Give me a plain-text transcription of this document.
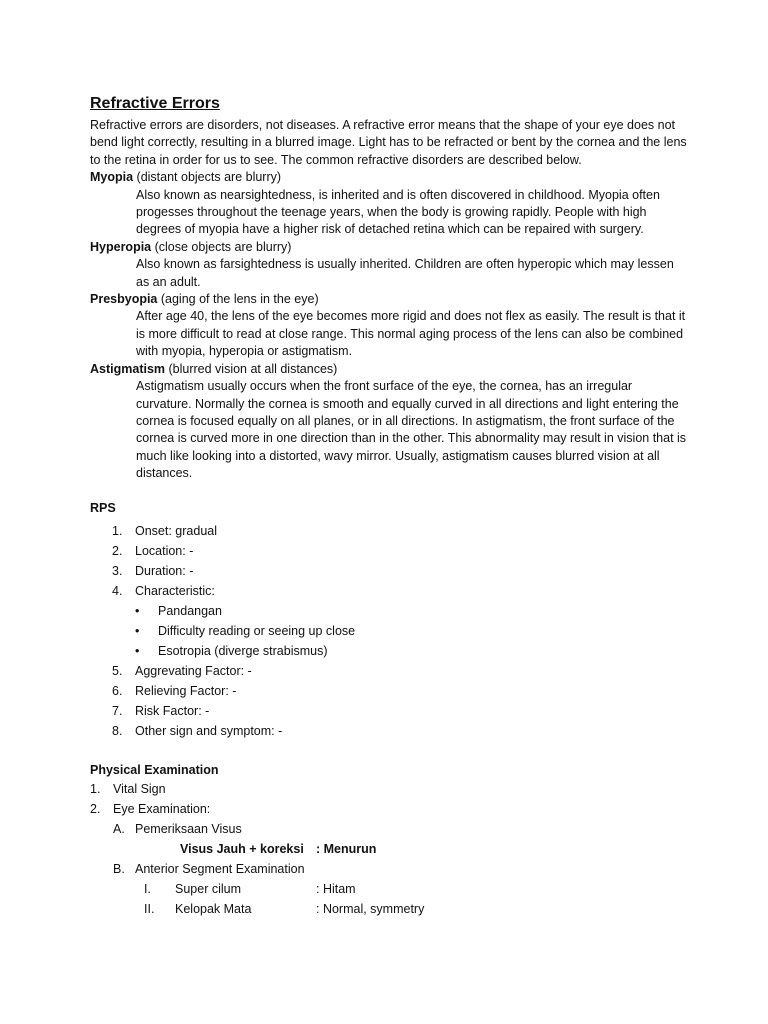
Refractive Errors

Refractive errors are disorders, not diseases. A refractive error means that the shape of your eye does not bend light correctly, resulting in a blurred image. Light has to be refracted or bent by the cornea and the lens to the retina in order for us to see. The common refractive disorders are described below.

Myopia (distant objects are blurry)

Also known as nearsightedness, is inherited and is often discovered in childhood. Myopia often progesses throughout the teenage years, when the body is growing rapidly. People with high degrees of myopia have a higher risk of detached retina which can be repaired with surgery.

Hyperopia (close objects are blurry)

Also known as farsightedness is usually inherited. Children are often hyperopic which may lessen as an adult.

Presbyopia (aging of the lens in the eye)

After age 40, the lens of the eye becomes more rigid and does not flex as easily. The result is that it is more difficult to read at close range. This normal aging process of the lens can also be combined with myopia, hyperopia or astigmatism.

Astigmatism (blurred vision at all distances)

Astigmatism usually occurs when the front surface of the eye, the cornea, has an irregular curvature. Normally the cornea is smooth and equally curved in all directions and light entering the cornea is focused equally on all planes, or in all directions. In astigmatism, the front surface of the cornea is curved more in one direction than in the other. This abnormality may result in vision that is much like looking into a distorted, wavy mirror. Usually, astigmatism causes blurred vision at all distances.

RPS

1.	Onset: gradual
2.	Location: -
3.	Duration: -
4.	Characteristic:
• Pandangan
• Difficulty reading or seeing up close
• Esotropia (diverge strabismus)
5.	Aggrevating Factor: -
6.	Relieving Factor: -
7.	Risk Factor: -
8.	Other sign and symptom: -

Physical Examination

1. Vital Sign
2. Eye Examination:
A. Pemeriksaan Visus
Visus Jauh + koreksi : Menurun
B. Anterior Segment Examination
I. Super cilum	: Hitam
II. Kelopak Mata	: Normal, symmetry
